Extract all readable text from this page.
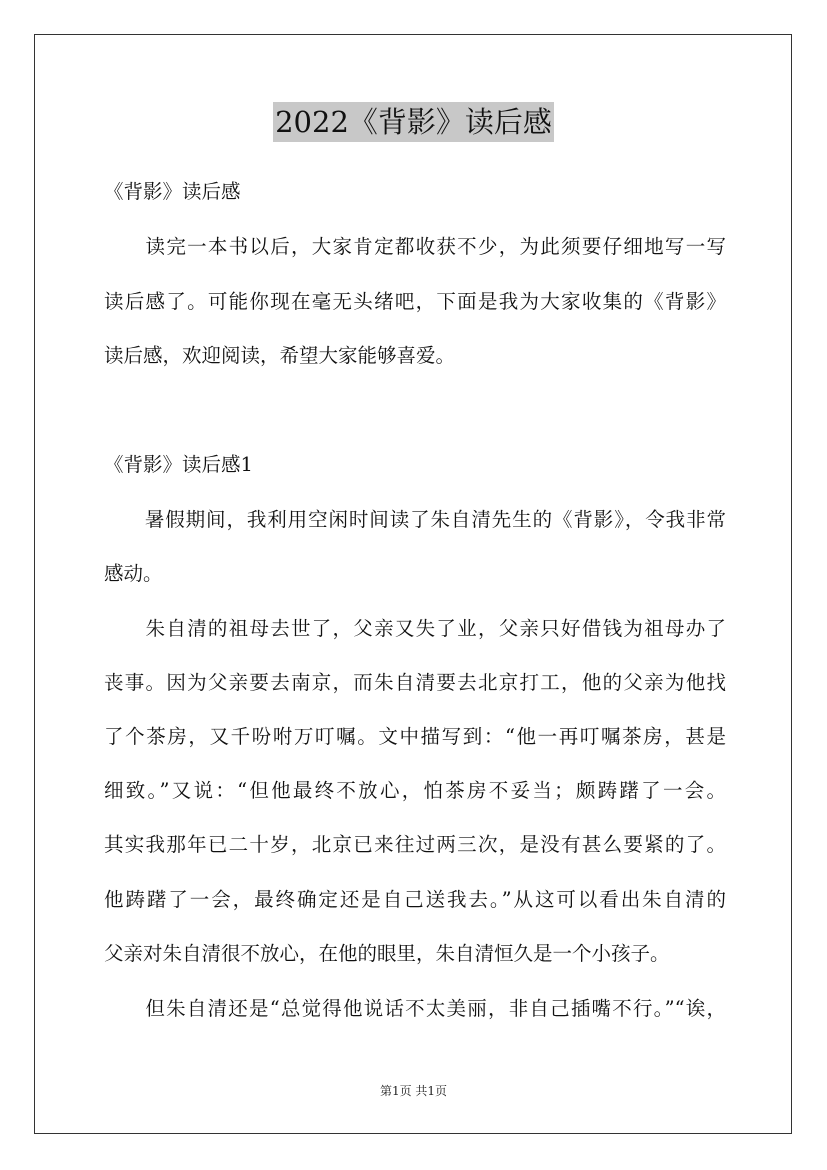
2022《背影》读后感
《背影》读后感
　　读完一本书以后，大家肯定都收获不少，为此须要仔细地写一写
读后感了。可能你现在毫无头绪吧，下面是我为大家收集的《背影》
读后感，欢迎阅读，希望大家能够喜爱。
《背影》读后感1
　　暑假期间，我利用空闲时间读了朱自清先生的《背影》，令我非常
感动。
　　朱自清的祖母去世了，父亲又失了业，父亲只好借钱为祖母办了
丧事。因为父亲要去南京，而朱自清要去北京打工，他的父亲为他找
了个茶房，又千吩咐万叮嘱。文中描写到：“他一再叮嘱茶房，甚是
细致。”又说：“但他最终不放心，怕茶房不妥当；颇踌躇了一会。
其实我那年已二十岁，北京已来往过两三次，是没有甚么要紧的了。
他踌躇了一会，最终确定还是自己送我去。”从这可以看出朱自清的
父亲对朱自清很不放心，在他的眼里，朱自清恒久是一个小孩子。
　　但朱自清还是“总觉得他说话不太美丽，非自己插嘴不行。”“诶，
第1页 共1页
